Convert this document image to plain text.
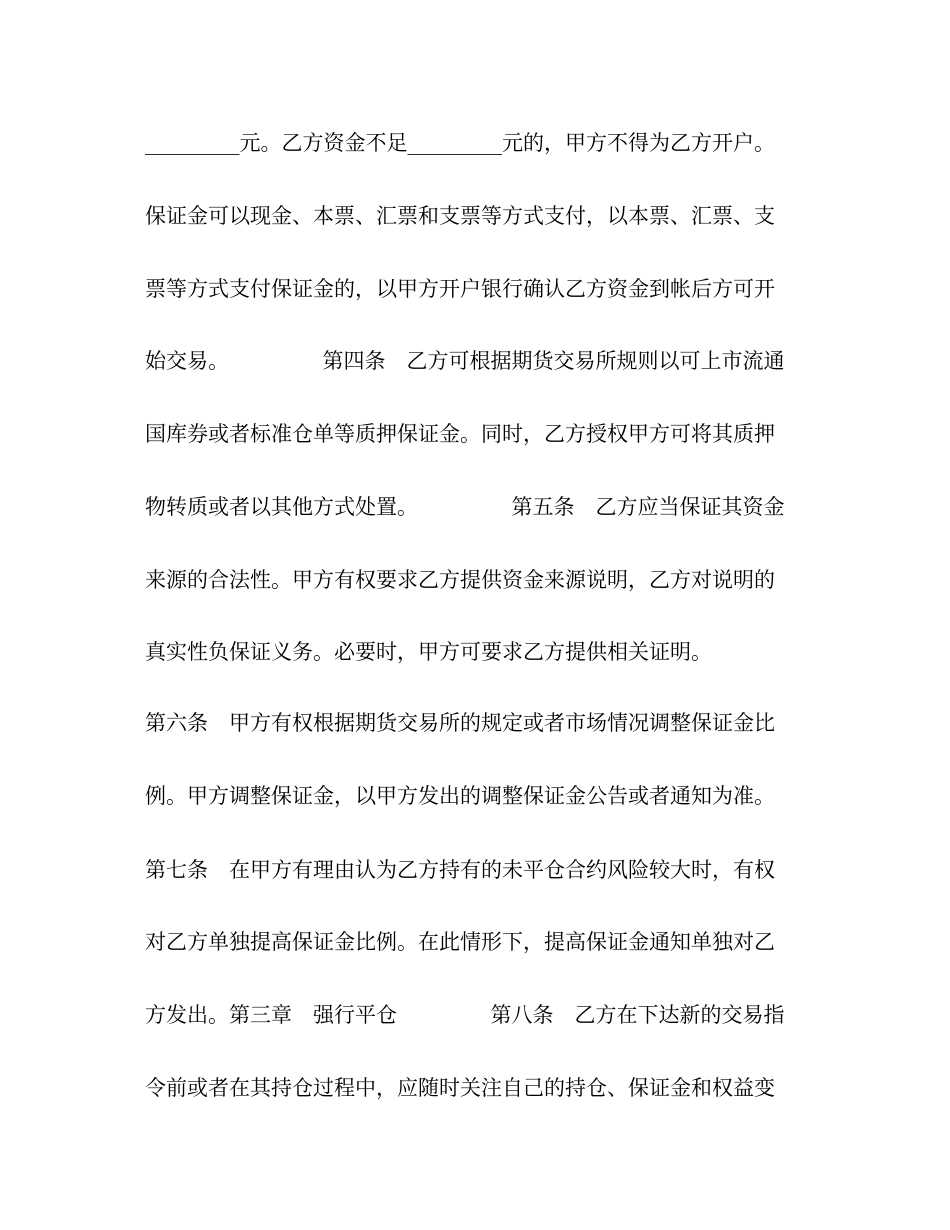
_________元。乙方资金不足_________元的，甲方不得为乙方开户。
保证金可以现金、本票、汇票和支票等方式支付，以本票、汇票、支
票等方式支付保证金的，以甲方开户银行确认乙方资金到帐后方可开
始交易。              第四条　乙方可根据期货交易所规则以可上市流通
国库券或者标准仓单等质押保证金。同时，乙方授权甲方可将其质押
物转质或者以其他方式处置。              第五条　乙方应当保证其资金
来源的合法性。甲方有权要求乙方提供资金来源说明，乙方对说明的
真实性负保证义务。必要时，甲方可要求乙方提供相关证明。
第六条　甲方有权根据期货交易所的规定或者市场情况调整保证金比
例。甲方调整保证金，以甲方发出的调整保证金公告或者通知为准。
第七条　在甲方有理由认为乙方持有的未平仓合约风险较大时，有权
对乙方单独提高保证金比例。在此情形下，提高保证金通知单独对乙
方发出。第三章　强行平仓              第八条　乙方在下达新的交易指
令前或者在其持仓过程中，应随时关注自己的持仓、保证金和权益变
